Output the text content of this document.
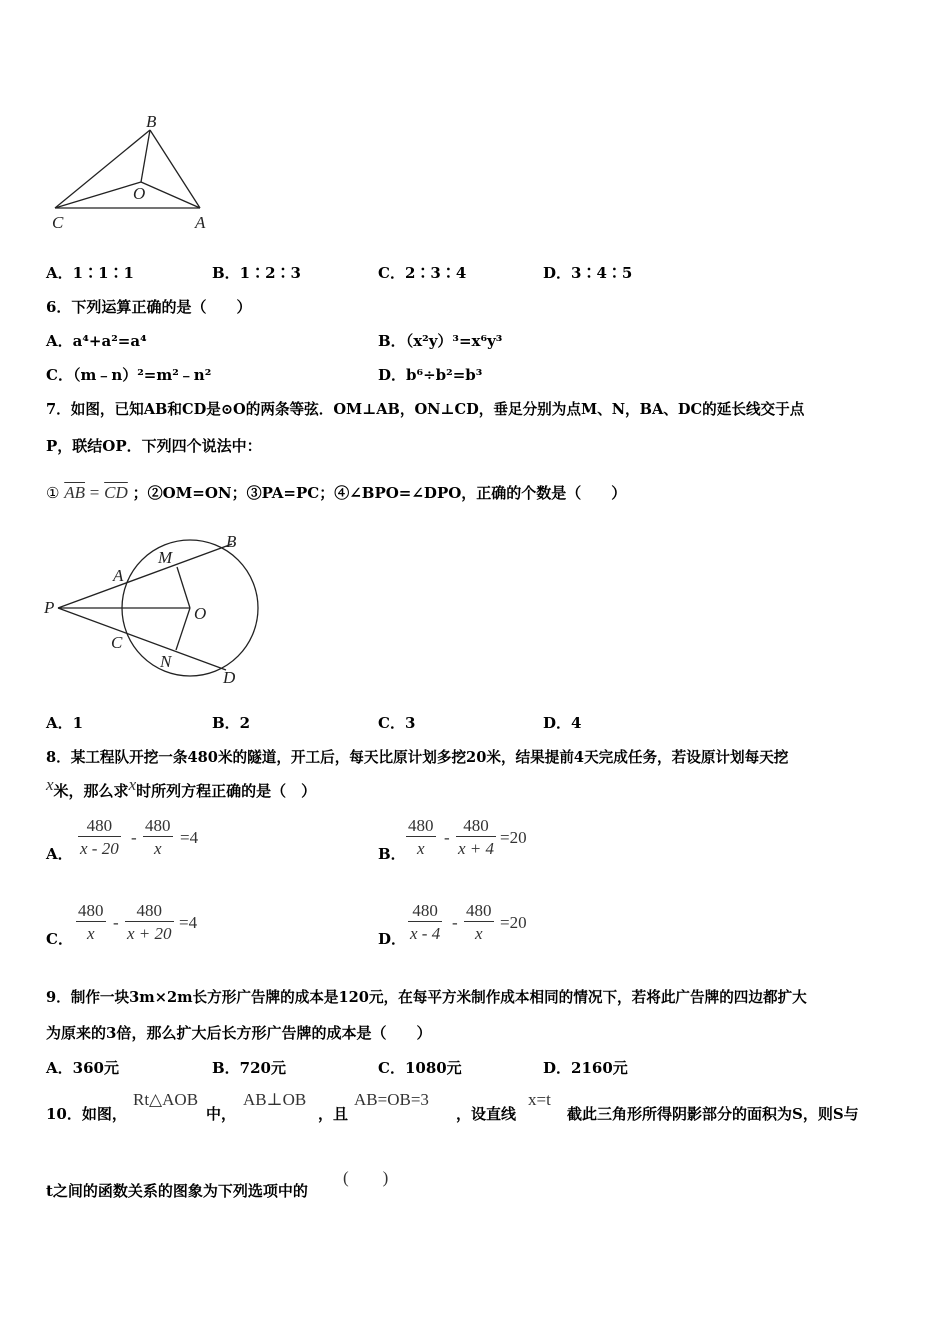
B
O
C	A
A．1∶1∶1	B．1∶2∶3	C．2∶3∶4	D．3∶4∶5
6．下列运算正确的是（　　）
A．a⁴+a²=a⁴	B．（x²y）³=x⁶y³
C．（m﹣n）²=m²﹣n²	D．b⁶÷b²=b³
7．如图，已知AB和CD是⊙O的两条等弦．OM⊥AB，ON⊥CD，垂足分别为点M、N，BA、DC的延长线交于点
P，联结OP．下列四个说法中：
① $\overline{AB} = \overline{CD}$ ；②OM=ON；③PA=PC；④∠BPO=∠DPO，正确的个数是（　　）
P
A
M
B
O
C
N
D
A．1	B．2	C．3	D．4
8．某工程队开挖一条480米的隧道，开工后，每天比原计划多挖20米，结果提前4天完成任务，若设原计划每天挖
x米，那么求x时所列方程正确的是（　）
A． $\frac{480}{x - 20} - \frac{480}{x} =4$
B． $\frac{480}{x} - \frac{480}{x + 4} =20$
C． $\frac{480}{x} - \frac{480}{x + 20} =4$
D． $\frac{480}{x - 4} - \frac{480}{x} =20$
9．制作一块3m×2m长方形广告牌的成本是120元，在每平方米制作成本相同的情况下，若将此广告牌的四边都扩大
为原来的3倍，那么扩大后长方形广告牌的成本是（　　）
A．360元	B．720元	C．1080元	D．2160元
10．如图，
Rt△AOB
中，
AB⊥OB
，且
AB=OB=3
，设直线
x=t
截此三角形所得阴影部分的面积为S，则S与
t之间的函数关系的图象为下列选项中的
(　　)
